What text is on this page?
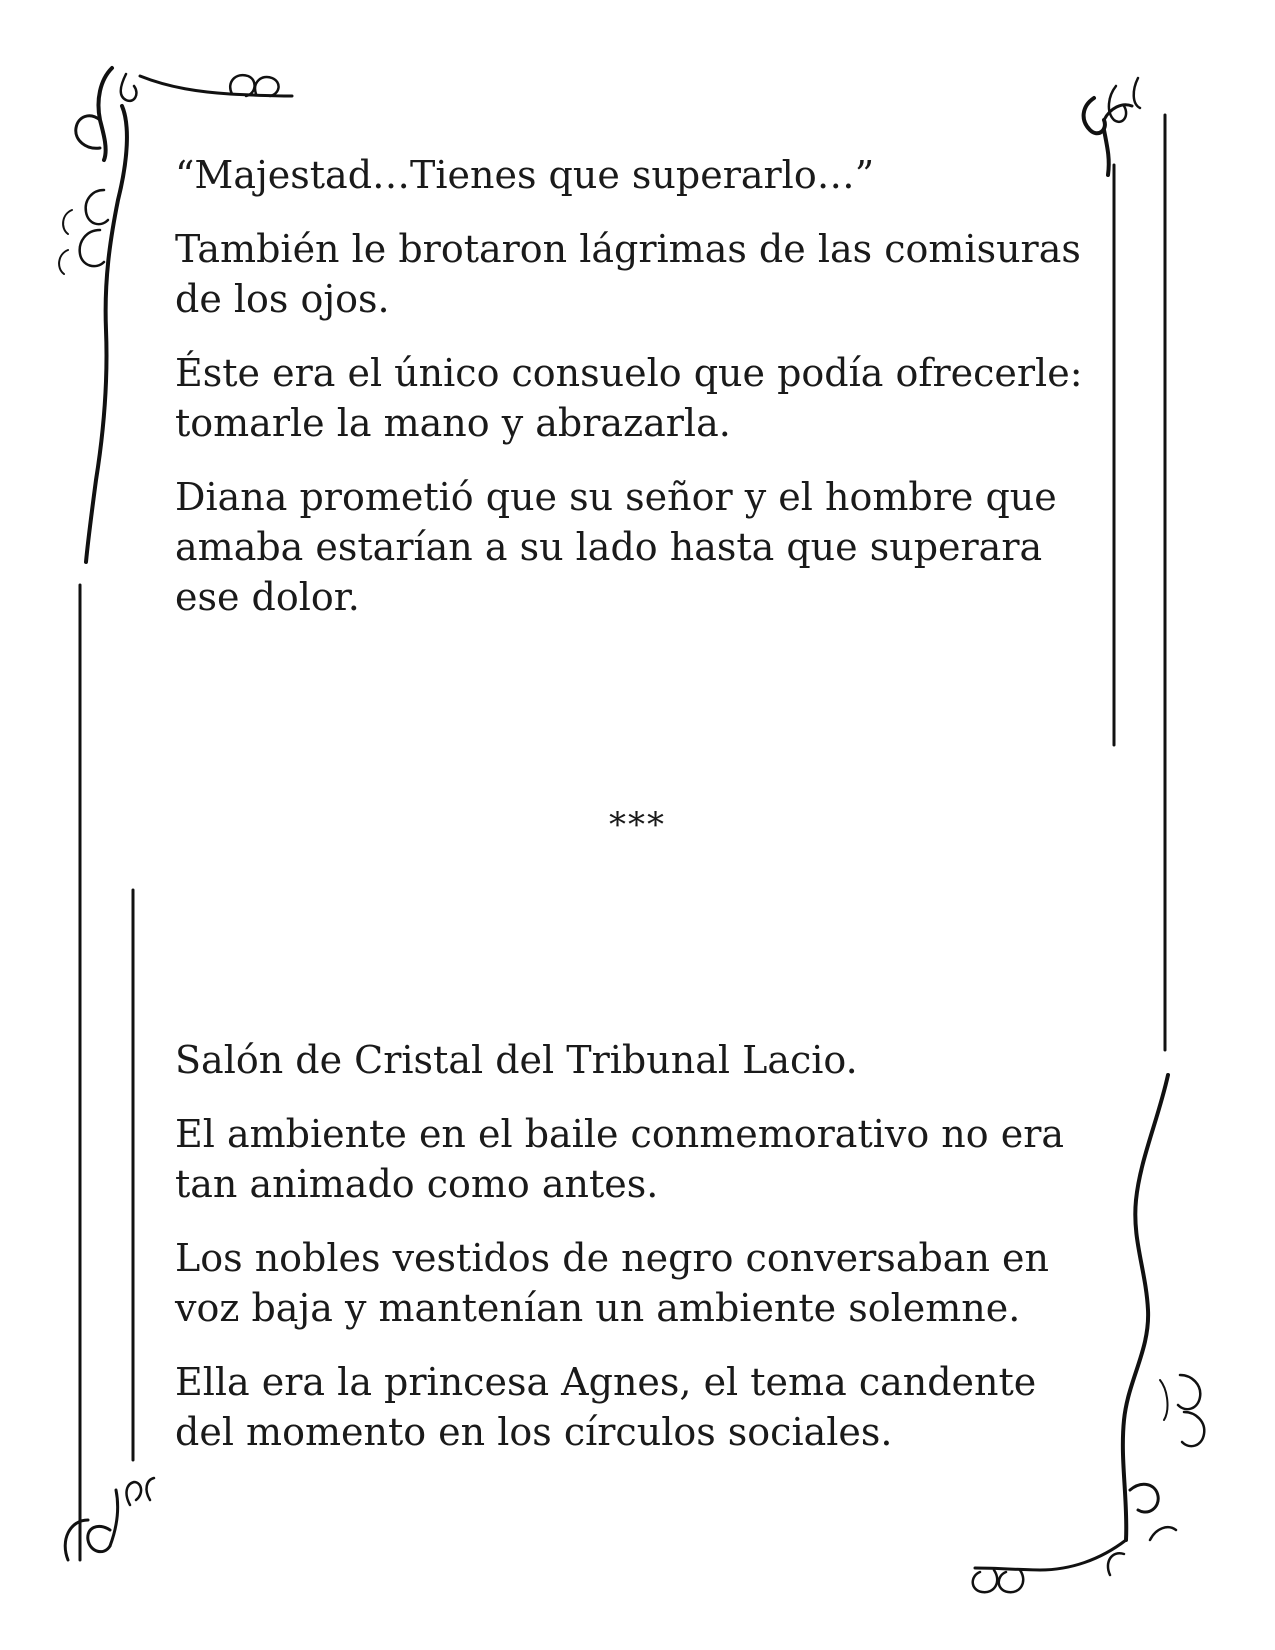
“Majestad…Tienes que superarlo…”

También le brotaron lágrimas de las comisuras de los ojos.

Éste era el único consuelo que podía ofrecerle: tomarle la mano y abrazarla.

Diana prometió que su señor y el hombre que amaba estarían a su lado hasta que superara ese dolor.

***

Salón de Cristal del Tribunal Lacio.

El ambiente en el baile conmemorativo no era tan animado como antes.

Los nobles vestidos de negro conversaban en voz baja y mantenían un ambiente solemne.

Ella era la princesa Agnes, el tema candente del momento en los círculos sociales.
